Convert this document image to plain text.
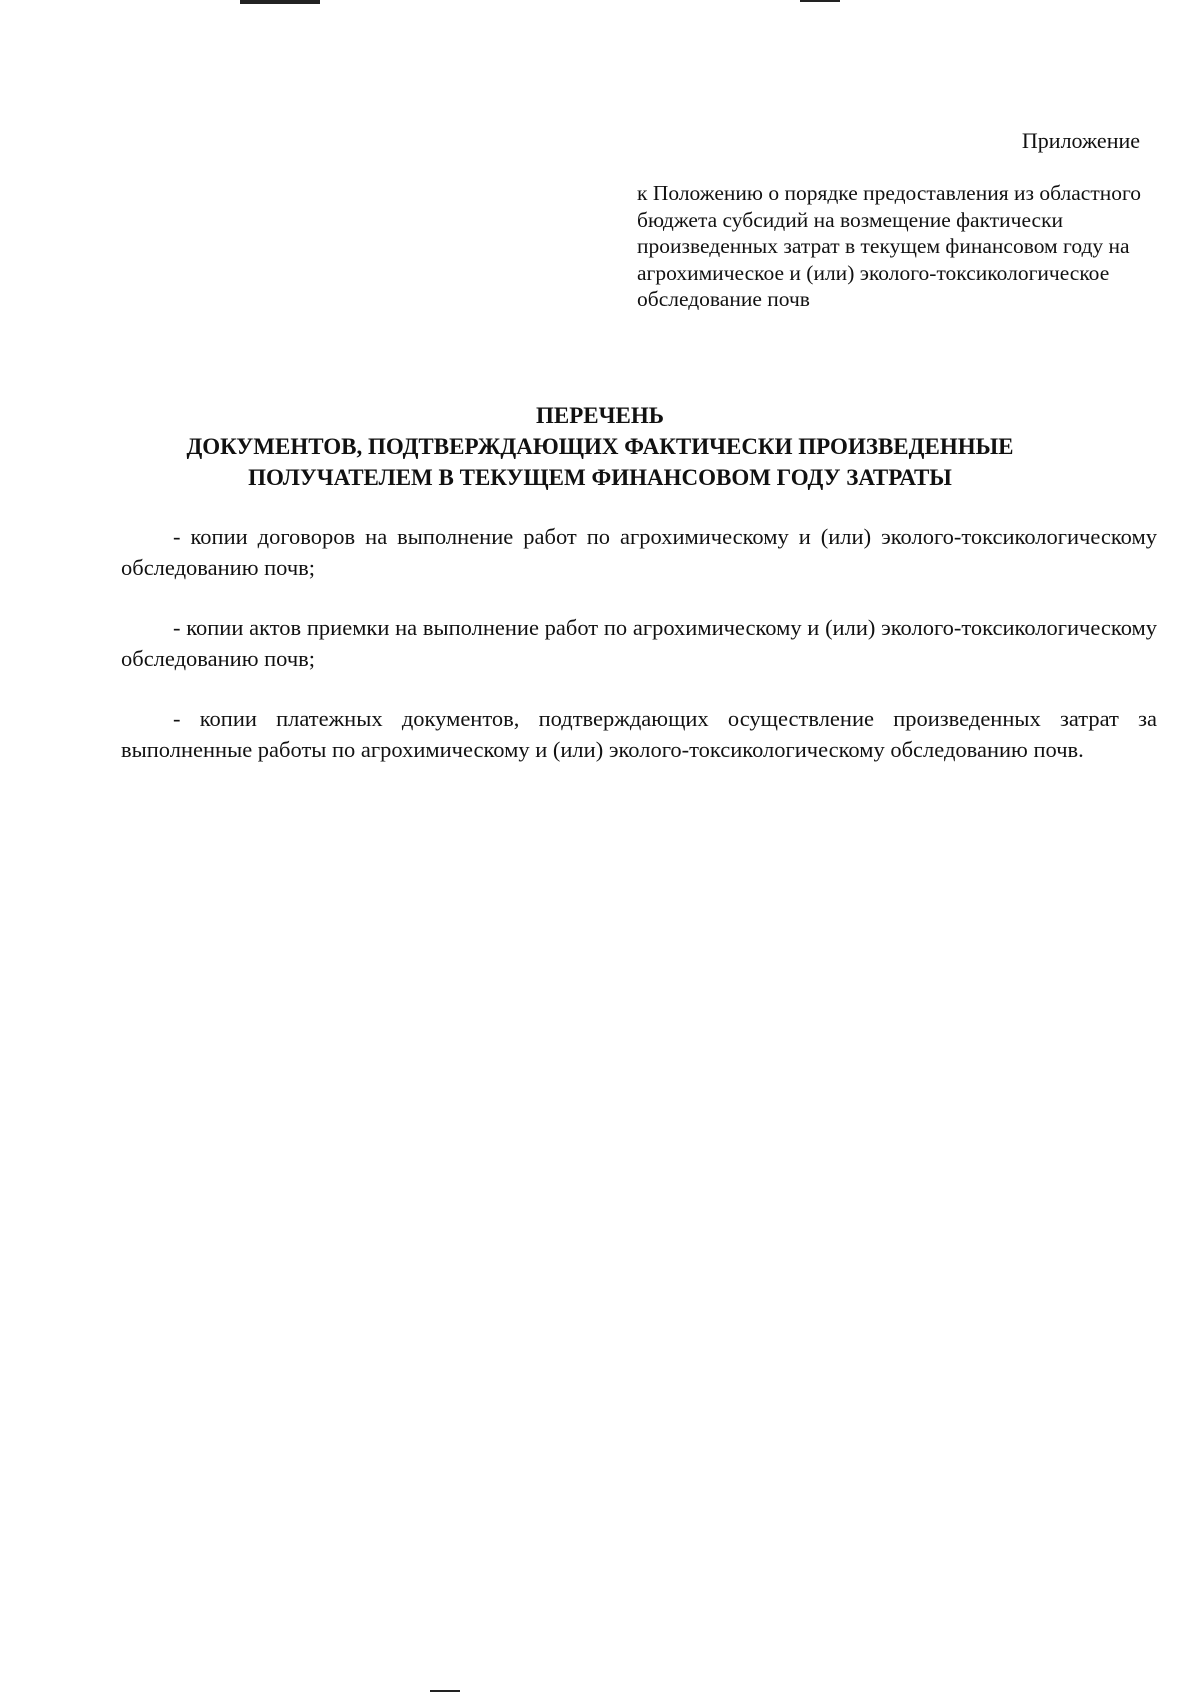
Приложение
к Положению о порядке предоставления из областного бюджета субсидий на возмещение фактически произведенных затрат в текущем финансовом году на агрохимическое и (или) эколого-токсикологическое обследование почв
ПЕРЕЧЕНЬ
ДОКУМЕНТОВ, ПОДТВЕРЖДАЮЩИХ ФАКТИЧЕСКИ ПРОИЗВЕДЕННЫЕ
ПОЛУЧАТЕЛЕМ В ТЕКУЩЕМ ФИНАНСОВОМ ГОДУ ЗАТРАТЫ

- копии договоров на выполнение работ по агрохимическому и (или) эколого-токсикологическому обследованию почв;

- копии актов приемки на выполнение работ по агрохимическому и (или) эколого-токсикологическому обследованию почв;

- копии платежных документов, подтверждающих осуществление произведенных затрат за выполненные работы по агрохимическому и (или) эколого-токсикологическому обследованию почв.
